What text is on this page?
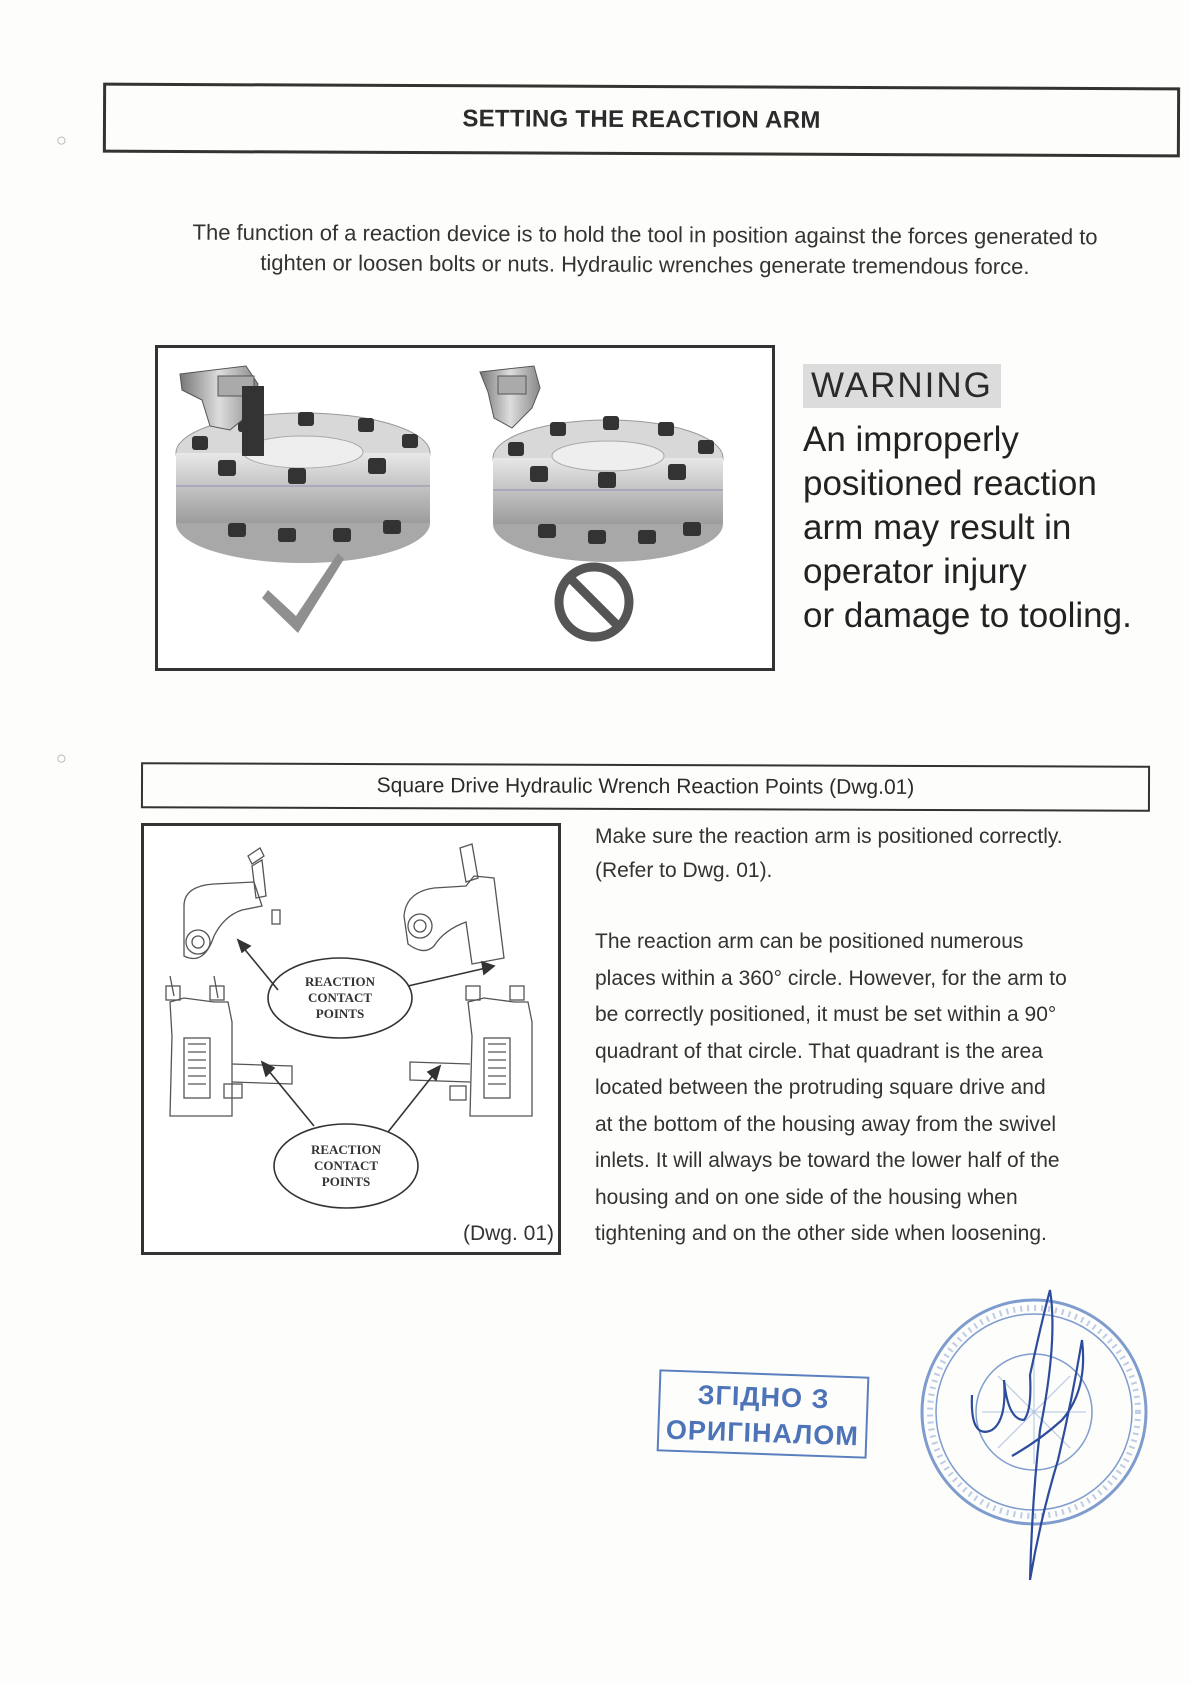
SETTING THE REACTION ARM
The function of a reaction device is to hold the tool in position against the forces generated to
tighten or loosen bolts or nuts. Hydraulic wrenches generate tremendous force.
WARNING
An improperly
positioned reaction
arm may result in
operator injury
or damage to tooling.
Square Drive Hydraulic Wrench Reaction Points (Dwg.01)
REACTION
CONTACT
POINTS
REACTION
CONTACT
POINTS
(Dwg. 01)
Make sure the reaction arm is positioned correctly.
(Refer to Dwg. 01).
The reaction arm can be positioned numerous
places within a 360° circle. However, for the arm to
be correctly positioned, it must be set within a 90°
quadrant of that circle. That quadrant is the area
located between the protruding square drive and
at the bottom of the housing away from the swivel
inlets. It will always be toward the lower half of the
housing and on one side of the housing when
tightening and on the other side when loosening.
ЗГІДНО З
ОРИГІНАЛОМ
○
○
